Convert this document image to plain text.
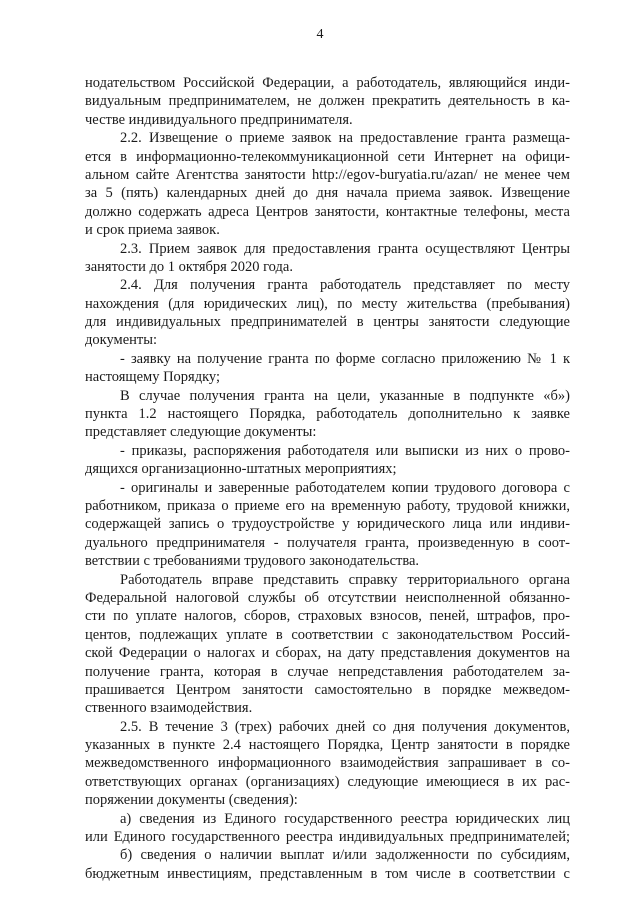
4
нодательством Российской Федерации, а работодатель, являющийся инди-
видуальным предпринимателем, не должен прекратить деятельность в ка-
честве индивидуального предпринимателя.
2.2. Извещение о приеме заявок на предоставление гранта размеща-
ется в информационно-телекоммуникационной сети Интернет на офици-
альном сайте Агентства занятости http://egov-buryatia.ru/azan/ не менее чем
за 5 (пять) календарных дней до дня начала приема заявок. Извещение
должно содержать адреса Центров занятости, контактные телефоны, места
и срок приема заявок.
2.3. Прием заявок для предоставления гранта осуществляют Центры
занятости до 1 октября 2020 года.
2.4. Для получения гранта работодатель представляет по месту
нахождения (для юридических лиц), по месту жительства (пребывания)
для индивидуальных предпринимателей в центры занятости следующие
документы:
- заявку на получение гранта по форме согласно приложению № 1 к
настоящему Порядку;
В случае получения гранта на цели, указанные в подпункте «б»)
пункта 1.2 настоящего Порядка, работодатель дополнительно к заявке
представляет следующие документы:
- приказы, распоряжения работодателя или выписки из них о прово-
дящихся организационно-штатных мероприятиях;
- оригиналы и заверенные работодателем копии трудового договора с
работником, приказа о приеме его на временную работу, трудовой книжки,
содержащей запись о трудоустройстве у юридического лица или индиви-
дуального предпринимателя - получателя гранта, произведенную в соот-
ветствии с требованиями трудового законодательства.
Работодатель вправе представить справку территориального органа
Федеральной налоговой службы об отсутствии неисполненной обязанно-
сти по уплате налогов, сборов, страховых взносов, пеней, штрафов, про-
центов, подлежащих уплате в соответствии с законодательством Россий-
ской Федерации о налогах и сборах, на дату представления документов на
получение гранта, которая в случае непредставления работодателем за-
прашивается Центром занятости самостоятельно в порядке межведом-
ственного взаимодействия.
2.5. В течение 3 (трех) рабочих дней со дня получения документов,
указанных в пункте 2.4 настоящего Порядка, Центр занятости в порядке
межведомственного информационного взаимодействия запрашивает в со-
ответствующих органах (организациях) следующие имеющиеся в их рас-
поряжении документы (сведения):
а) сведения из Единого государственного реестра юридических лиц
или Единого государственного реестра индивидуальных предпринимателей;
б) сведения о наличии выплат и/или задолженности по субсидиям,
бюджетным инвестициям, представленным в том числе в соответствии с
